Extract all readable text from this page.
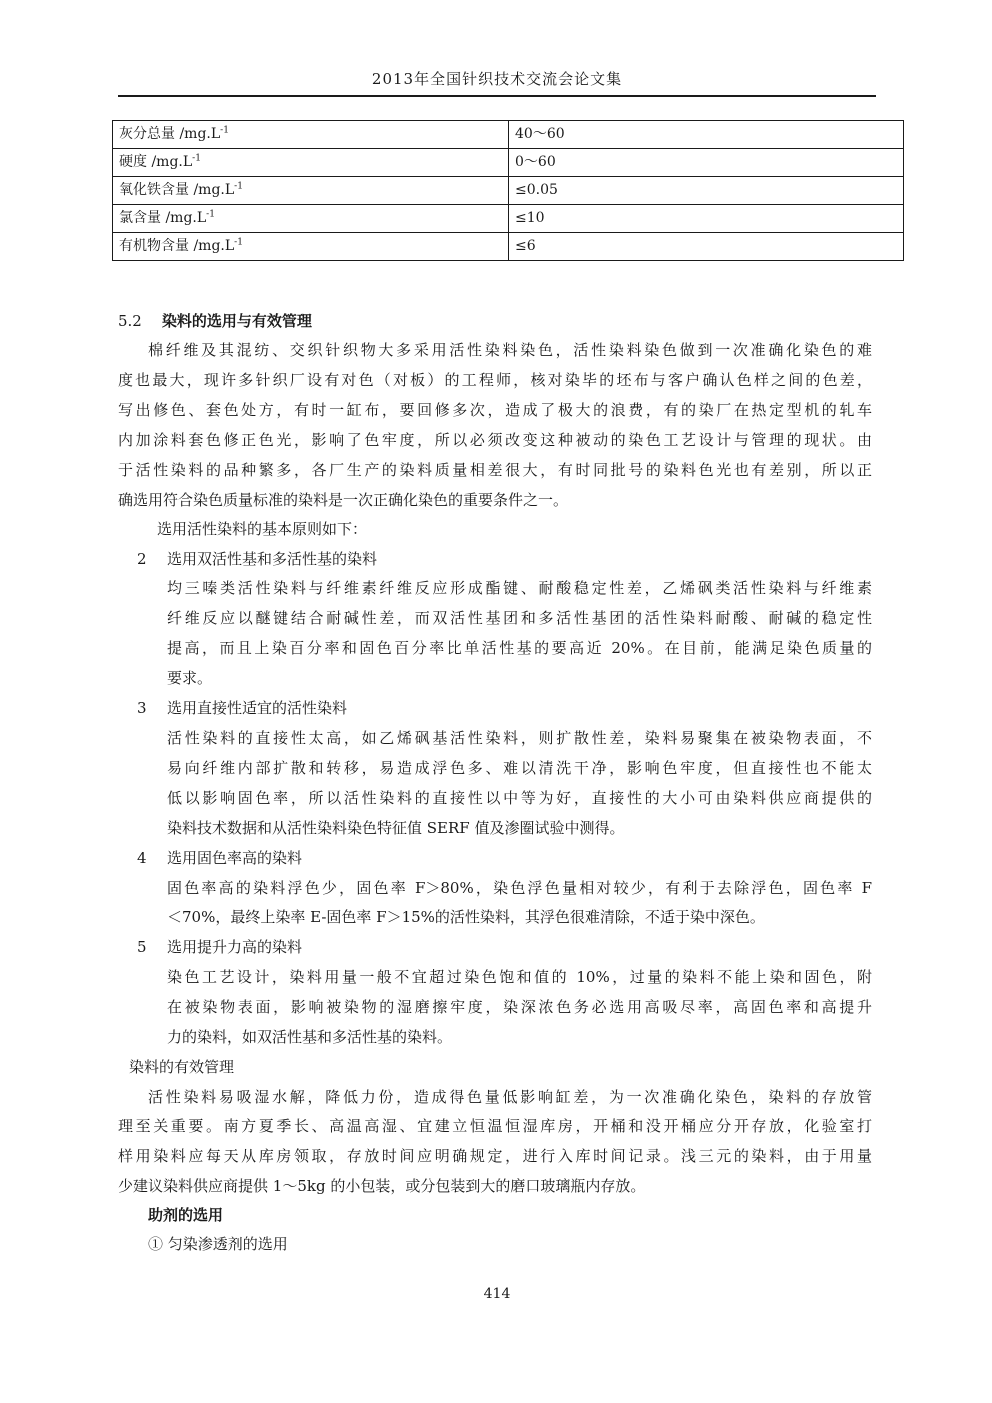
2013年全国针织技术交流会论文集
灰分总量 $/mg.L^{-1}$	40～60
硬度 $/mg.L^{-1}$	0～60
氧化铁含量 $/mg.L^{-1}$	≤0.05
氯含量 $/mg.L^{-1}$	≤10
有机物含量 $/mg.L^{-1}$	≤6
5.2 染料的选用与有效管理
棉纤维及其混纺、交织针织物大多采用活性染料染色，活性染料染色做到一次准确化染色的难
度也最大，现许多针织厂设有对色（对板）的工程师，核对染毕的坯布与客户确认色样之间的色差，
写出修色、套色处方，有时一缸布，要回修多次，造成了极大的浪费，有的染厂在热定型机的轧车
内加涂料套色修正色光，影响了色牢度，所以必须改变这种被动的染色工艺设计与管理的现状。由
于活性染料的品种繁多，各厂生产的染料质量相差很大，有时同批号的染料色光也有差别，所以正
确选用符合染色质量标准的染料是一次正确化染色的重要条件之一。
选用活性染料的基本原则如下：
2 选用双活性基和多活性基的染料
均三嗪类活性染料与纤维素纤维反应形成酯键、耐酸稳定性差，乙烯砜类活性染料与纤维素
纤维反应以醚键结合耐碱性差，而双活性基团和多活性基团的活性染料耐酸、耐碱的稳定性
提高，而且上染百分率和固色百分率比单活性基的要高近 20%。在目前，能满足染色质量的
要求。
3 选用直接性适宜的活性染料
活性染料的直接性太高，如乙烯砜基活性染料，则扩散性差，染料易聚集在被染物表面，不
易向纤维内部扩散和转移，易造成浮色多、难以清洗干净，影响色牢度，但直接性也不能太
低以影响固色率，所以活性染料的直接性以中等为好，直接性的大小可由染料供应商提供的
染料技术数据和从活性染料染色特征值 SERF 值及渗圈试验中测得。
4 选用固色率高的染料
固色率高的染料浮色少，固色率 F＞80%，染色浮色量相对较少，有利于去除浮色，固色率 F
＜70%，最终上染率 E-固色率 F＞15%的活性染料，其浮色很难清除，不适于染中深色。
5 选用提升力高的染料
染色工艺设计，染料用量一般不宜超过染色饱和值的 10%，过量的染料不能上染和固色，附
在被染物表面，影响被染物的湿磨擦牢度，染深浓色务必选用高吸尽率，高固色率和高提升
力的染料，如双活性基和多活性基的染料。
染料的有效管理
活性染料易吸湿水解，降低力份，造成得色量低影响缸差，为一次准确化染色，染料的存放管
理至关重要。南方夏季长、高温高湿、宜建立恒温恒湿库房，开桶和没开桶应分开存放，化验室打
样用染料应每天从库房领取，存放时间应明确规定，进行入库时间记录。浅三元的染料，由于用量
少建议染料供应商提供 1～5kg 的小包装，或分包装到大的磨口玻璃瓶内存放。
助剂的选用
① 匀染渗透剂的选用
414
